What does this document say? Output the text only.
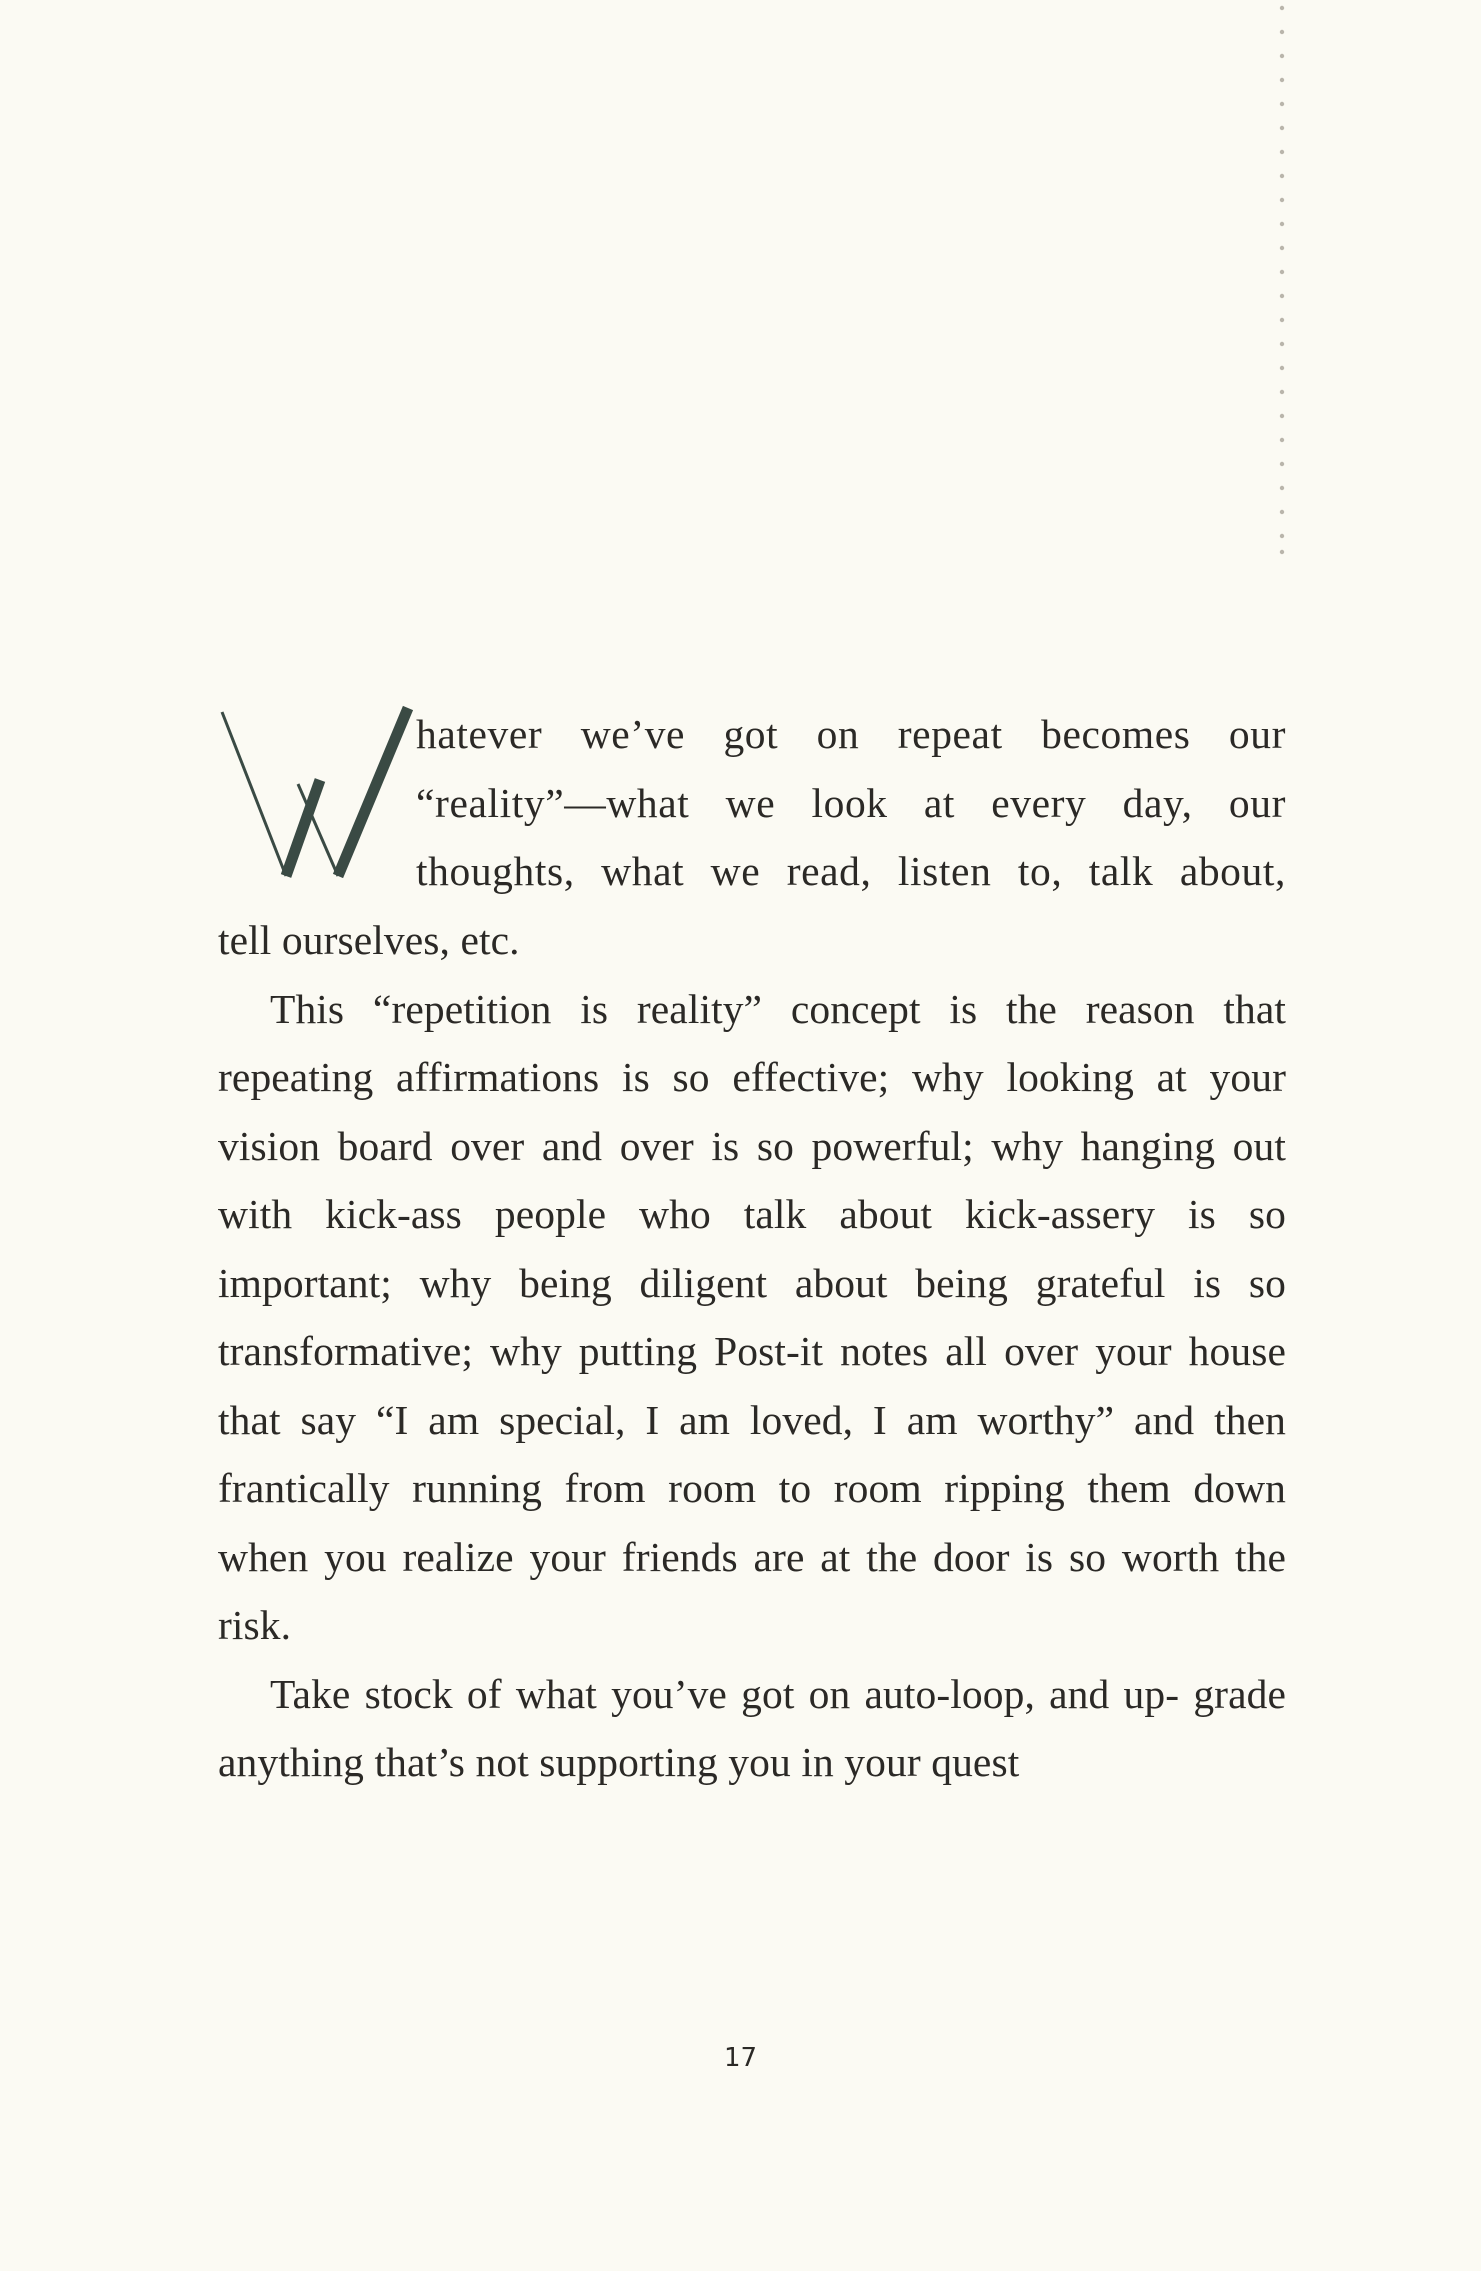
W
hatever we’ve got on repeat becomes our
“reality”—what we look at every day, our
thoughts, what we read, listen to, talk about,
tell ourselves, etc.

This “repetition is reality” concept is the reason that repeating affirmations is so effective; why looking at your vision board over and over is so powerful; why hanging out with kick-ass people who talk about kick-assery is so important; why being diligent about being grateful is so transformative; why putting Post-it notes all over your house that say “I am special, I am loved, I am worthy” and then frantically running from room to room ripping them down when you realize your friends are at the door is so worth the risk.

Take stock of what you’ve got on auto-loop, and up- grade anything that’s not supporting you in your quest

17
